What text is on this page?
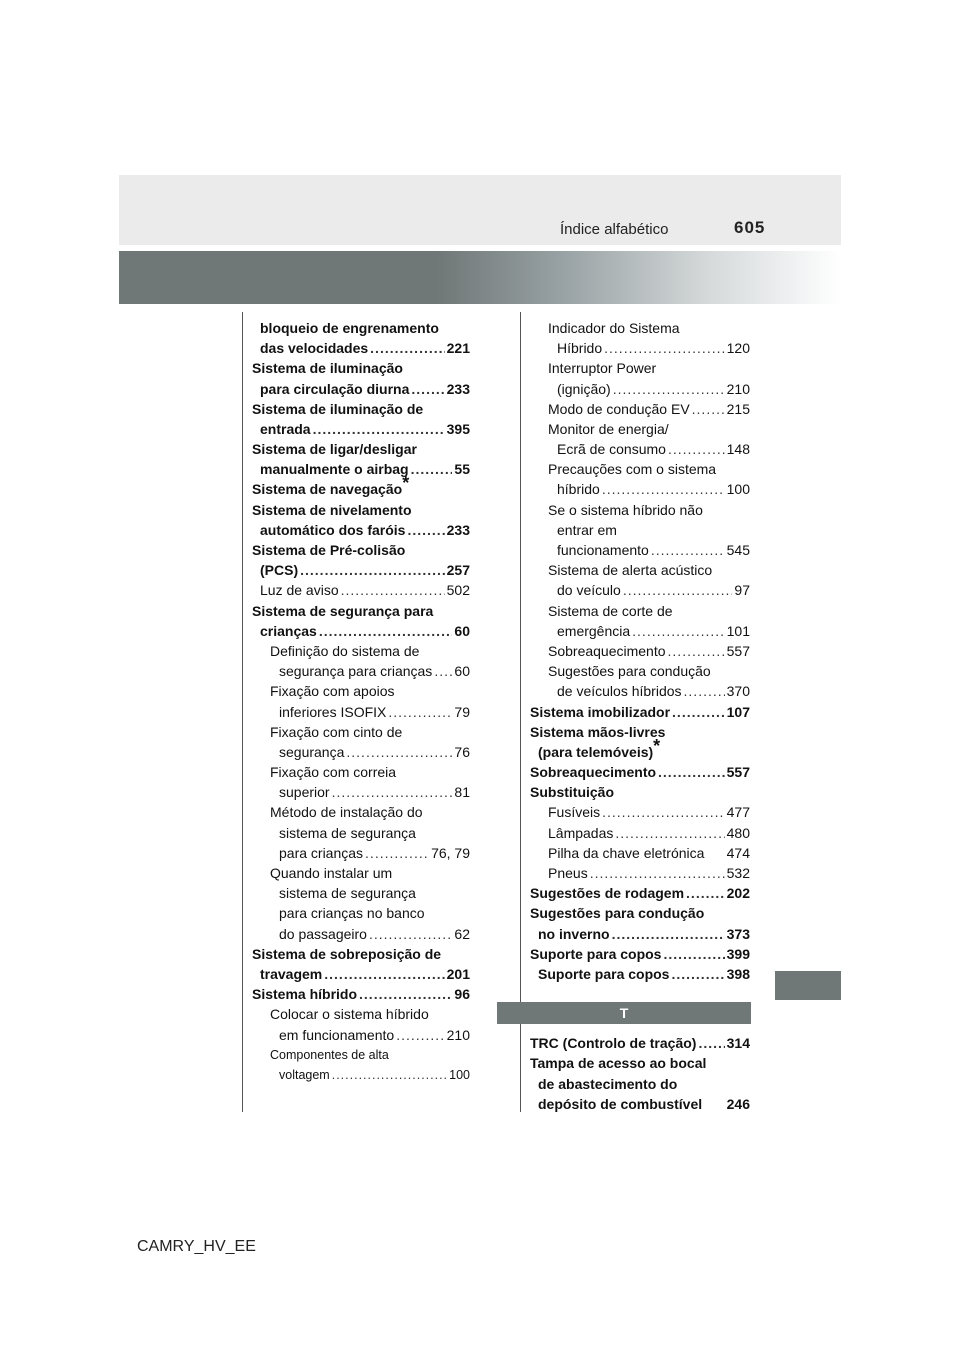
Índice alfabético	605
bloqueio de engrenamento
das velocidades .....	221
Sistema de iluminação
para circulação diurna .....	233
Sistema de iluminação de
entrada .....	395
Sistema de ligar/desligar
manualmente o airbag .....	55
Sistema de navegação *
Sistema de nivelamento
automático dos faróis .....	233
Sistema de Pré-colisão
(PCS) .....	257
Luz de aviso .....	502
Sistema de segurança para
crianças .....	60
Definição do sistema de
segurança para crianças ..... 60
Fixação com apoios
inferiores ISOFIX .....	79
Fixação com cinto de
segurança .....	76
Fixação com correia
superior .....	81
Método de instalação do
sistema de segurança
para crianças .....	76, 79
Quando instalar um
sistema de segurança
para crianças no banco
do passageiro .....	62
Sistema de sobreposição de
travagem .....	201
Sistema híbrido .....	96
Colocar o sistema híbrido
em funcionamento .....	210
Componentes de alta
voltagem .....	100
Indicador do Sistema
Híbrido .....	120
Interruptor Power
(ignição) .....	210
Modo de condução EV .....	215
Monitor de energia/
Ecrã de consumo .....	148
Precauções com o sistema
híbrido .....	100
Se o sistema híbrido não
entrar em
funcionamento .....	545
Sistema de alerta acústico
do veículo .....	97
Sistema de corte de
emergência .....	101
Sobreaquecimento .....	557
Sugestões para condução
de veículos híbridos .....	370
Sistema imobilizador .....	107
Sistema mãos-livres
(para telemóveis) *
Sobreaquecimento .....	557
Substituição
Fusíveis .....	477
Lâmpadas .....	480
Pilha da chave eletrónica 474
Pneus .....	532
Sugestões de rodagem .....	202
Sugestões para condução
no inverno .....	373
Suporte para copos .....	399
Suporte para copos .....	398
T
TRC (Controlo de tração) ..... 314
Tampa de acesso ao bocal
de abastecimento do
depósito de combustível 246
CAMRY_HV_EE
